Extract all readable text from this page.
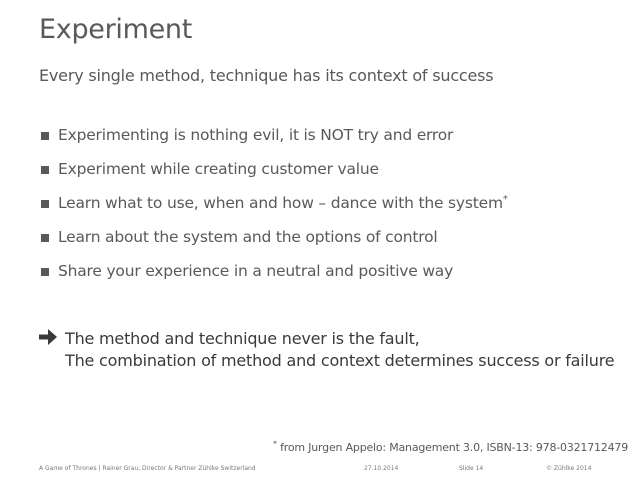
Experiment
Every single method, technique has its context of success
Experimenting is nothing evil, it is NOT try and error
Experiment while creating customer value
Learn what to use, when and how – dance with the system*
Learn about the system and the options of control
Share your experience in a neutral and positive way
The method and technique never is the fault,
The combination of method and context determines success or failure
* from Jurgen Appelo: Management 3.0, ISBN-13: 978-0321712479
A Game of Thrones | Rainer Grau, Director & Partner Zühlke Switzerland	27.10.2014	Slide 14	© Zühlke 2014
